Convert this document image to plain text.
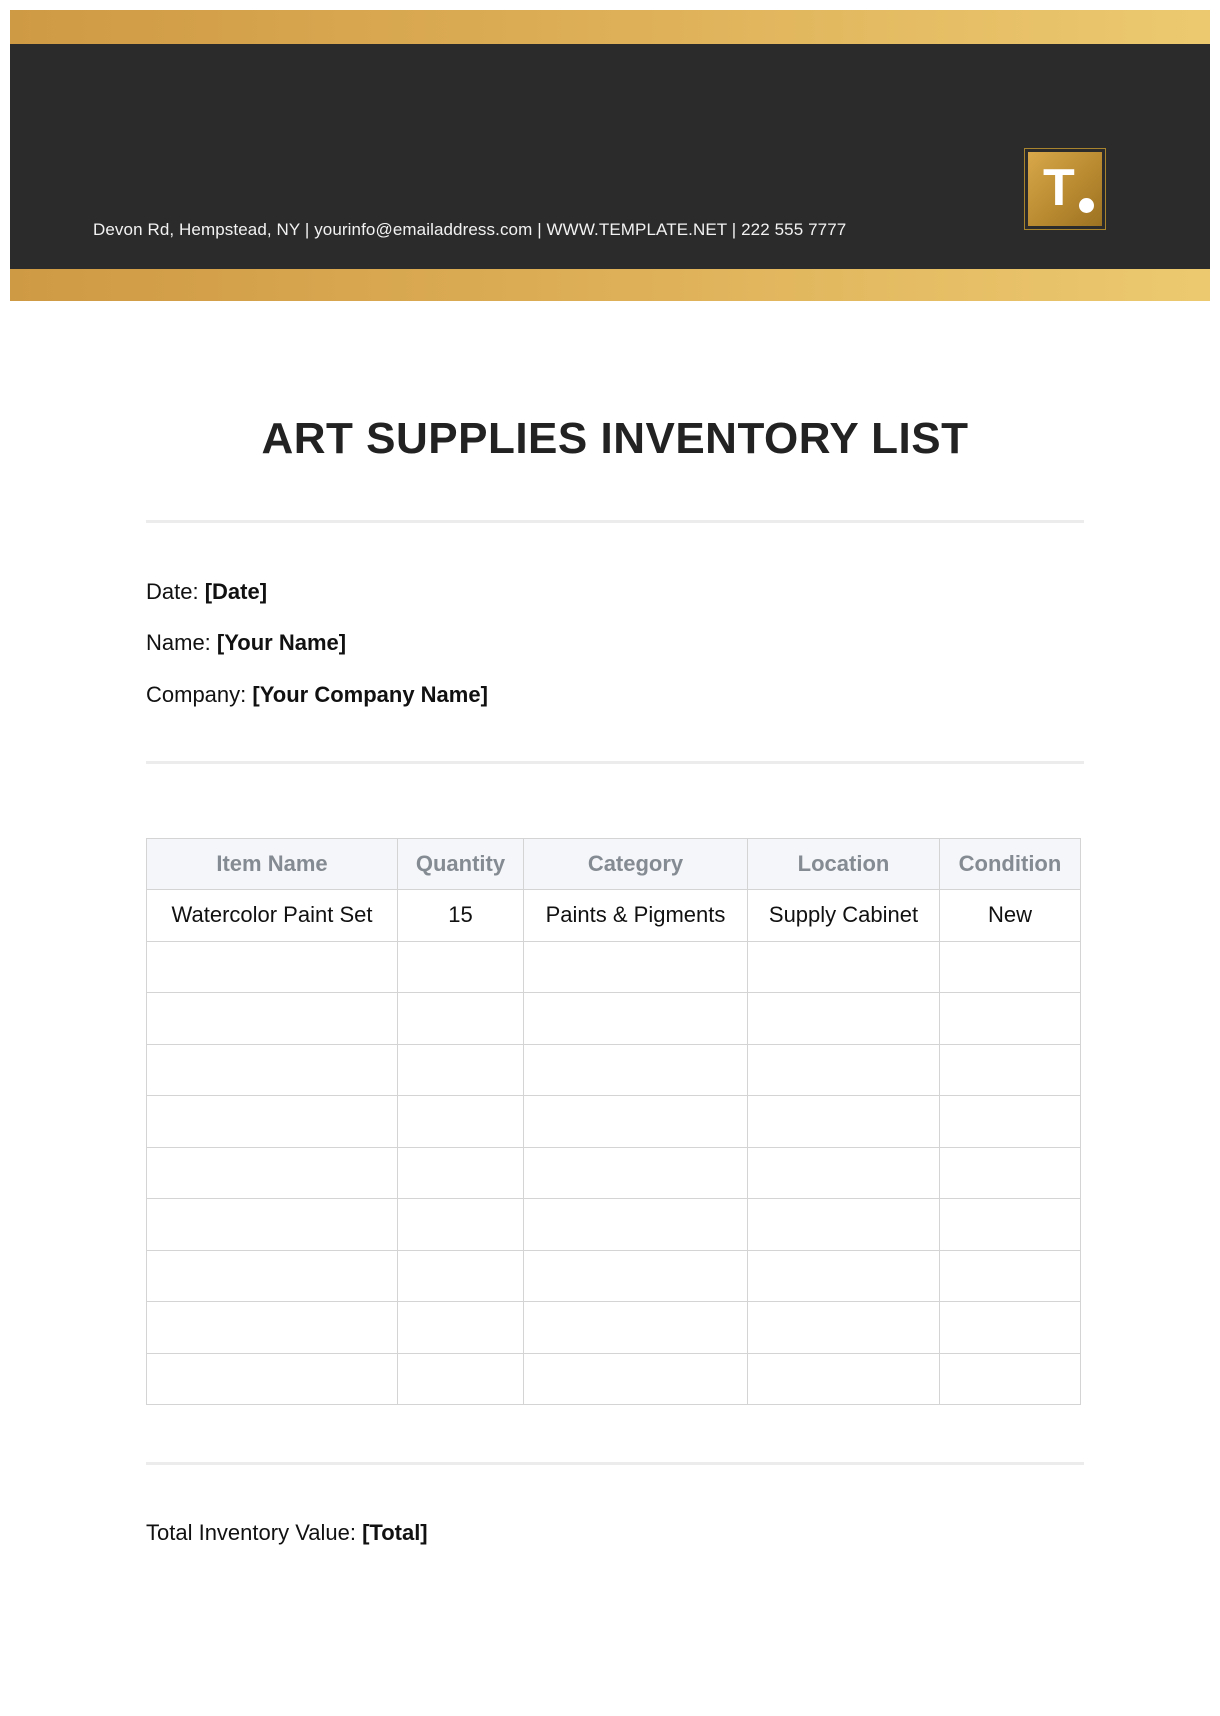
Devon Rd, Hempstead, NY | yourinfo@emailaddress.com | WWW.TEMPLATE.NET | 222 555 7777
T
ART SUPPLIES INVENTORY LIST
Date: [Date]
Name: [Your Name]
Company: [Your Company Name]
Item Name	Quantity	Category	Location	Condition
Watercolor Paint Set	15	Paints & Pigments	Supply Cabinet	New

Total Inventory Value: [Total]
